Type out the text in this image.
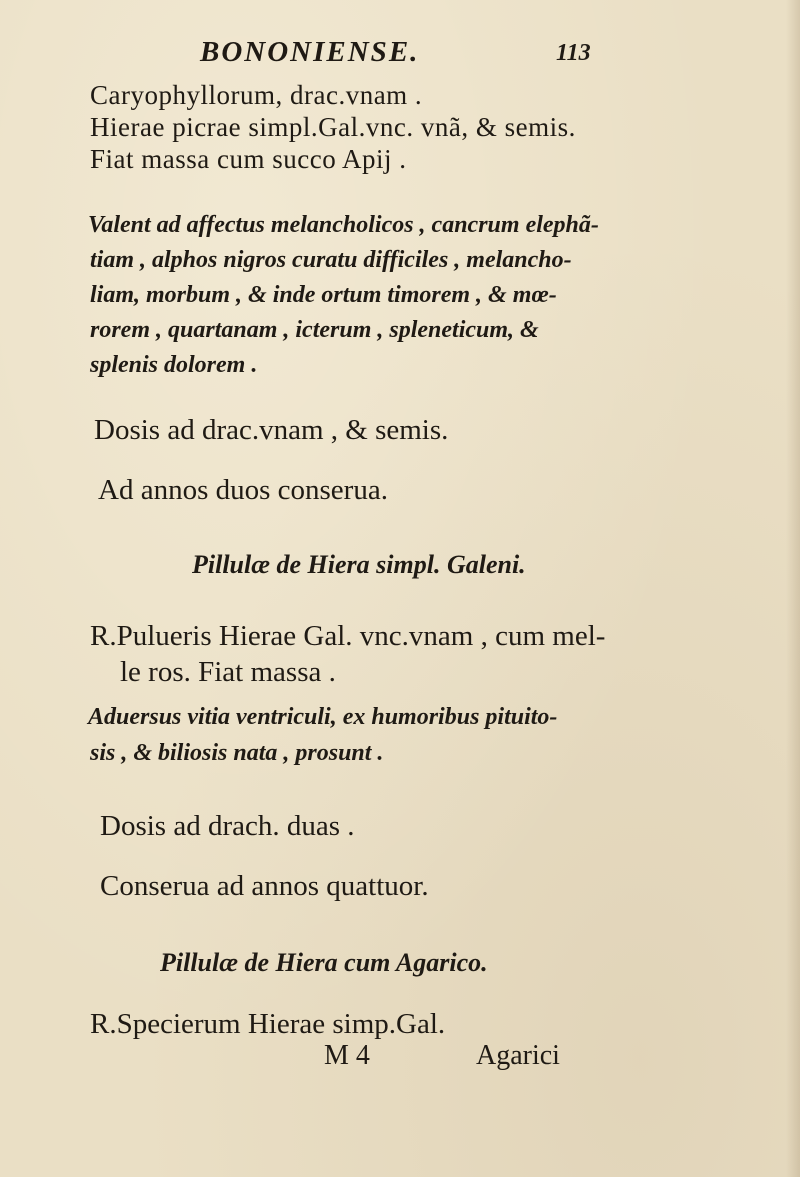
BONONIENSE.	113

Caryophyllorum, drac.vnam .

Hierae picrae simpl.Gal.vnc. vnã, & semis.

Fiat massa cum succo Apij .

Valent ad affectus melancholicos , cancrum elephã-

tiam , alphos nigros curatu difficiles , melancho-

liam, morbum , & inde ortum timorem , & mœ-

rorem , quartanam , icterum , spleneticum, &

splenis dolorem .

Dosis ad drac.vnam , & semis.

Ad annos duos conserua.

Pillulæ de Hiera simpl. Galeni.

R.Pulueris Hierae Gal. vnc.vnam , cum mel-

le ros. Fiat massa .

Aduersus vitia ventriculi, ex humoribus pituito-

sis , & biliosis nata , prosunt .

Dosis ad drach. duas .

Conserua ad annos quattuor.

Pillulæ de Hiera cum Agarico.

R.Specierum Hierae simp.Gal.

M 4	Agarici
